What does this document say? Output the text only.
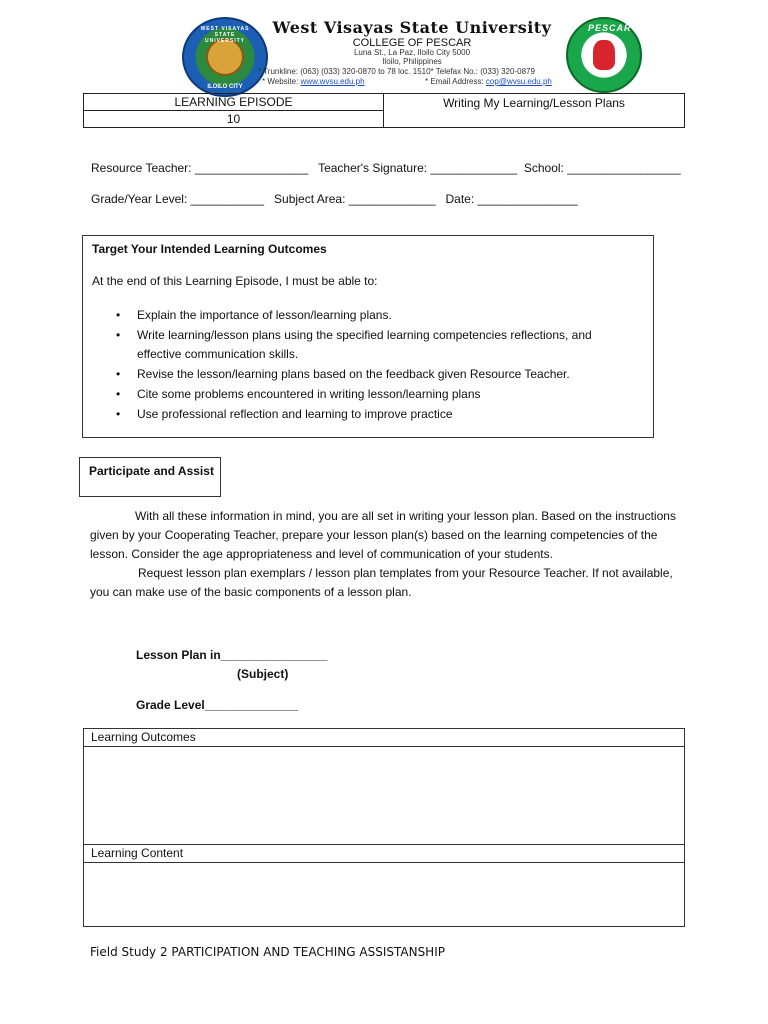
WEST VISAYAS STATE UNIVERSITY
ILOILO CITY
West Visayas State University
COLLEGE OF PESCAR
Luna St., La Paz, Iloilo City 5000
Iloilo, Philippines
* Trunkline: (063) (033) 320-0870 to 78 loc. 1510* Telefax No.: (033) 320-0879
* Website: www.wvsu.edu.ph	* Email Address: cop@wvsu.edu.ph
PESCAR
LEARNING EPISODE
10
Writing My Learning/Lesson Plans
Resource Teacher: _________________   Teacher's Signature: _____________  School: _________________
Grade/Year Level: ___________   Subject Area: _____________   Date: _______________
Target Your Intended Learning Outcomes
At the end of this Learning Episode, I must be able to:
• Explain the importance of lesson/learning plans.
• Write learning/lesson plans using the specified learning competencies reflections, and effective communication skills.
• Revise the lesson/learning plans based on the feedback given Resource Teacher.
• Cite some problems encountered in writing lesson/learning plans
• Use professional reflection and learning to improve practice
Participate and Assist

With all these information in mind, you are all set in writing your lesson plan. Based on the instructions given by your Cooperating Teacher, prepare your lesson plan(s) based on the learning competencies of the lesson. Consider the age appropriateness and level of communication of your students.

Request lesson plan exemplars / lesson plan templates from your Resource Teacher. If not available, you can make use of the basic components of a lesson plan.

Lesson Plan in________________
(Subject)
Grade Level______________
Learning Outcomes
Learning Content
Field Study 2 PARTICIPATION AND TEACHING ASSISTANSHIP
